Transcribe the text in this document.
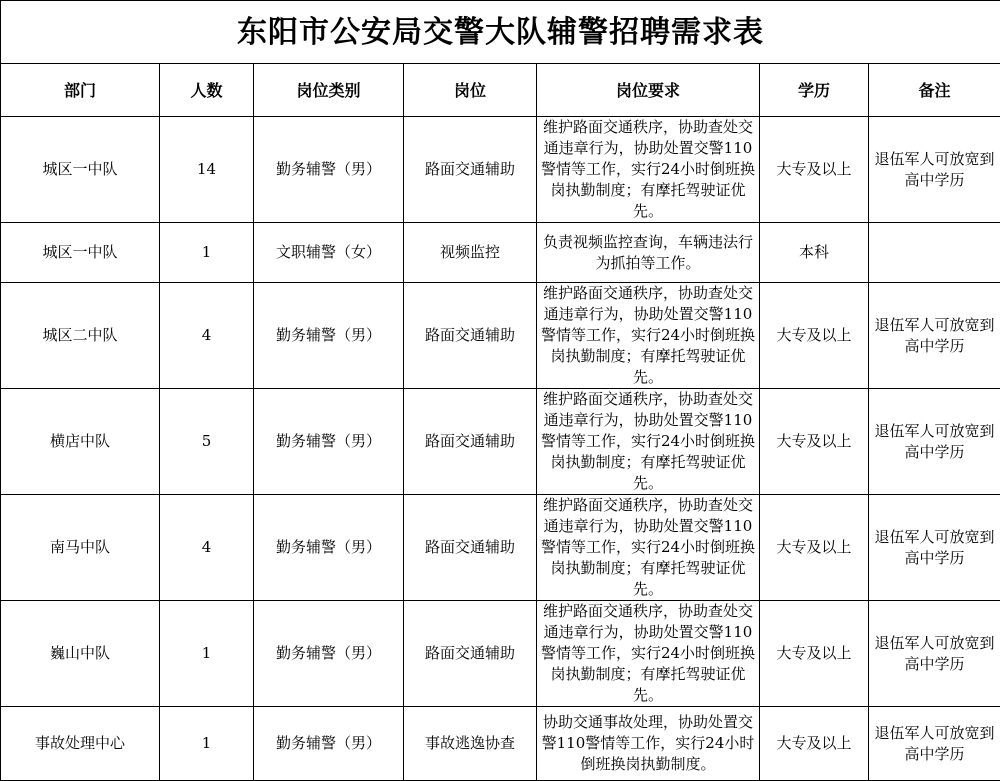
东阳市公安局交警大队辅警招聘需求表						
部门	人数	岗位类别	岗位	岗位要求	学历	备注
城区一中队	14	勤务辅警（男）	路面交通辅助	维护路面交通秩序，协助查处交通违章行为，协助处置交警110警情等工作，实行24小时倒班换岗执勤制度；有摩托驾驶证优先。	大专及以上	退伍军人可放宽到高中学历
城区一中队	1	文职辅警（女）	视频监控	负责视频监控查询，车辆违法行为抓拍等工作。	本科	
城区二中队	4	勤务辅警（男）	路面交通辅助	维护路面交通秩序，协助查处交通违章行为，协助处置交警110警情等工作，实行24小时倒班换岗执勤制度；有摩托驾驶证优先。	大专及以上	退伍军人可放宽到高中学历
横店中队	5	勤务辅警（男）	路面交通辅助	维护路面交通秩序，协助查处交通违章行为，协助处置交警110警情等工作，实行24小时倒班换岗执勤制度；有摩托驾驶证优先。	大专及以上	退伍军人可放宽到高中学历
南马中队	4	勤务辅警（男）	路面交通辅助	维护路面交通秩序，协助查处交通违章行为，协助处置交警110警情等工作，实行24小时倒班换岗执勤制度；有摩托驾驶证优先。	大专及以上	退伍军人可放宽到高中学历
巍山中队	1	勤务辅警（男）	路面交通辅助	维护路面交通秩序，协助查处交通违章行为，协助处置交警110警情等工作，实行24小时倒班换岗执勤制度；有摩托驾驶证优先。	大专及以上	退伍军人可放宽到高中学历
事故处理中心	1	勤务辅警（男）	事故逃逸协查	协助交通事故处理，协助处置交警110警情等工作，实行24小时倒班换岗执勤制度。	大专及以上	退伍军人可放宽到高中学历
